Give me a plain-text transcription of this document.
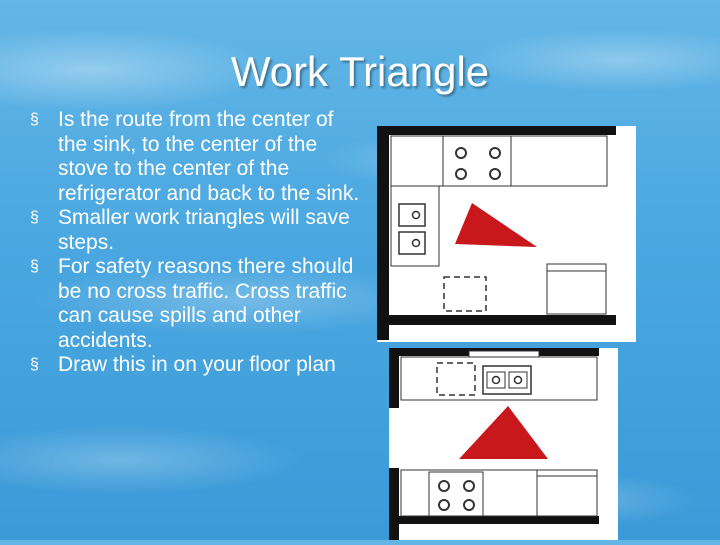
Work Triangle
§ Is the route from the center of the sink, to the center of the stove to the center of the refrigerator and back to the sink.
§ Smaller work triangles will save steps.
§ For safety reasons there should be no cross traffic. Cross traffic can cause spills and other accidents.
§ Draw this in on your floor plan
